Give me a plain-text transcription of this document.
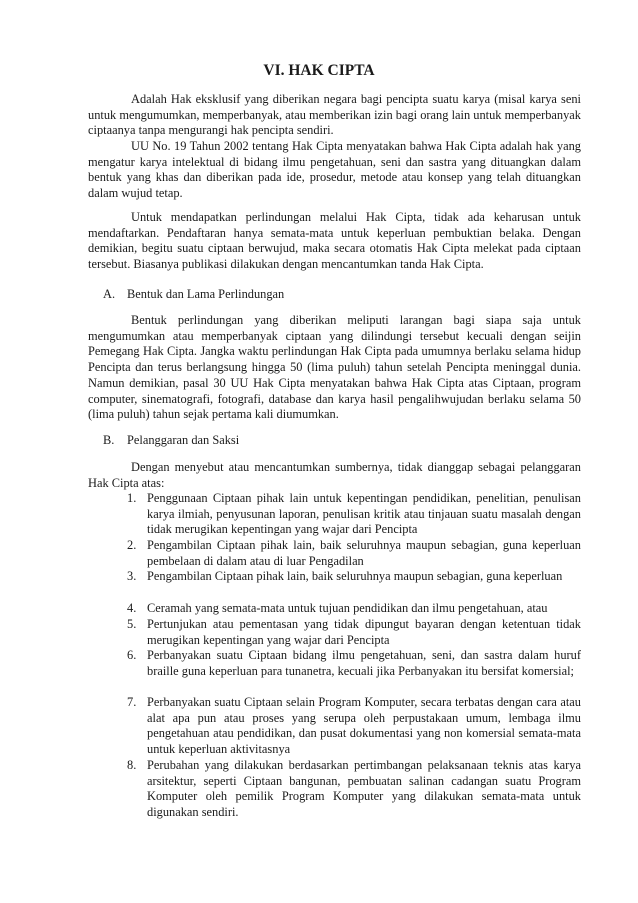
VI. HAK CIPTA
Adalah Hak eksklusif yang diberikan negara bagi pencipta suatu karya (misal karya seni untuk mengumumkan, memperbanyak, atau memberikan izin bagi orang lain untuk memperbanyak ciptaanya tanpa mengurangi hak pencipta sendiri.
UU No. 19 Tahun 2002 tentang Hak Cipta menyatakan bahwa Hak Cipta adalah hak yang mengatur karya intelektual di bidang ilmu pengetahuan, seni dan sastra yang dituangkan dalam bentuk yang khas dan diberikan pada ide, prosedur, metode atau konsep yang telah dituangkan dalam wujud tetap.
Untuk mendapatkan perlindungan melalui Hak Cipta, tidak ada keharusan untuk mendaftarkan. Pendaftaran hanya semata-mata untuk keperluan pembuktian belaka. Dengan demikian, begitu suatu ciptaan berwujud, maka secara otomatis Hak Cipta melekat pada ciptaan tersebut. Biasanya publikasi dilakukan dengan mencantumkan tanda Hak Cipta.
A. Bentuk dan Lama Perlindungan
Bentuk perlindungan yang diberikan meliputi larangan bagi siapa saja untuk mengumumkan atau memperbanyak ciptaan yang dilindungi tersebut kecuali dengan seijin Pemegang Hak Cipta. Jangka waktu perlindungan Hak Cipta pada umumnya berlaku selama hidup Pencipta dan terus berlangsung hingga 50 (lima puluh) tahun setelah Pencipta meninggal dunia. Namun demikian, pasal 30 UU Hak Cipta menyatakan bahwa Hak Cipta atas Ciptaan, program computer, sinematografi, fotografi, database dan karya hasil pengalihwujudan berlaku selama 50 (lima puluh) tahun sejak pertama kali diumumkan.
B. Pelanggaran dan Saksi
Dengan menyebut atau mencantumkan sumbernya, tidak dianggap sebagai pelanggaran Hak Cipta atas:
1. Penggunaan Ciptaan pihak lain untuk kepentingan pendidikan, penelitian, penulisan karya ilmiah, penyusunan laporan, penulisan kritik atau tinjauan suatu masalah dengan tidak merugikan kepentingan yang wajar dari Pencipta
2. Pengambilan Ciptaan pihak lain, baik seluruhnya maupun sebagian, guna keperluan pembelaan di dalam atau di luar Pengadilan
3. Pengambilan Ciptaan pihak lain, baik seluruhnya maupun sebagian, guna keperluan
4. Ceramah yang semata-mata untuk tujuan pendidikan dan ilmu pengetahuan, atau
5. Pertunjukan atau pementasan yang tidak dipungut bayaran dengan ketentuan tidak merugikan kepentingan yang wajar dari Pencipta
6. Perbanyakan suatu Ciptaan bidang ilmu pengetahuan, seni, dan sastra dalam huruf braille guna keperluan para tunanetra, kecuali jika Perbanyakan itu bersifat komersial;
7. Perbanyakan suatu Ciptaan selain Program Komputer, secara terbatas dengan cara atau alat apa pun atau proses yang serupa oleh perpustakaan umum, lembaga ilmu pengetahuan atau pendidikan, dan pusat dokumentasi yang non komersial semata-mata untuk keperluan aktivitasnya
8. Perubahan yang dilakukan berdasarkan pertimbangan pelaksanaan teknis atas karya arsitektur, seperti Ciptaan bangunan, pembuatan salinan cadangan suatu Program Komputer oleh pemilik Program Komputer yang dilakukan semata-mata untuk digunakan sendiri.
